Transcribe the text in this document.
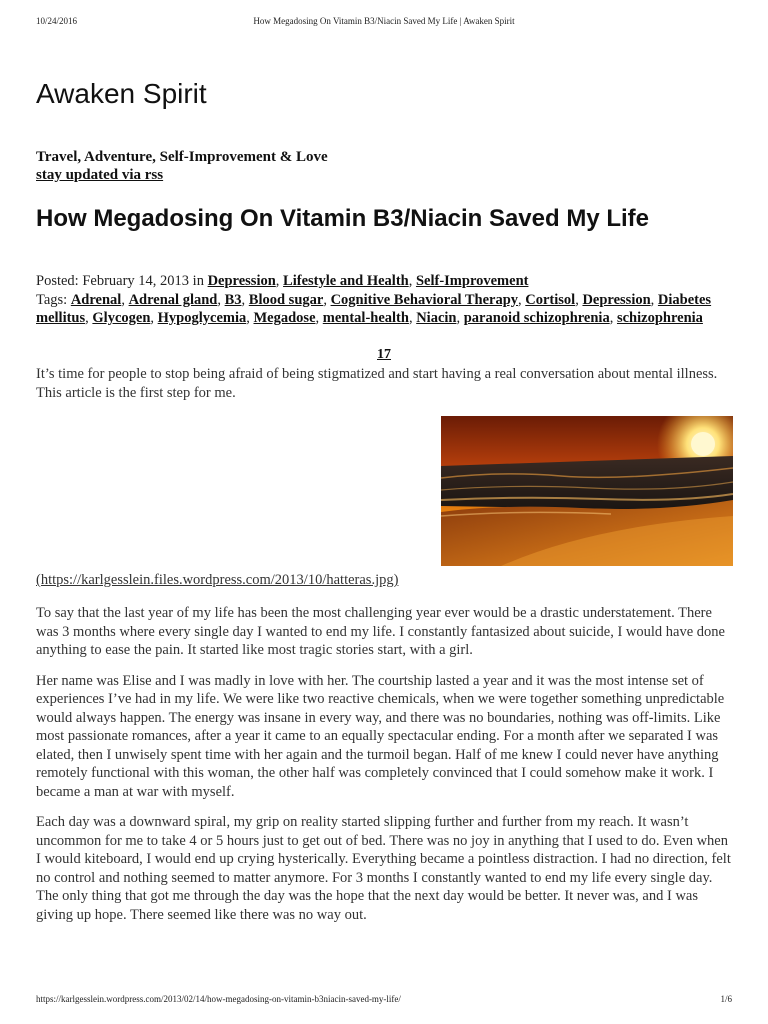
10/24/2016	How Megadosing On Vitamin B3/Niacin Saved My Life | Awaken Spirit
Awaken Spirit
Travel, Adventure, Self-Improvement & Love
stay updated via rss
How Megadosing On Vitamin B3/Niacin Saved My Life
Posted: February 14, 2013 in Depression, Lifestyle and Health, Self-Improvement
Tags: Adrenal, Adrenal gland, B3, Blood sugar, Cognitive Behavioral Therapy, Cortisol, Depression, Diabetes mellitus, Glycogen, Hypoglycemia, Megadose, mental-health, Niacin, paranoid schizophrenia, schizophrenia
17

It’s time for people to stop being afraid of being stigmatized and start having a real conversation about mental illness. This article is the first step for me.

(https://karlgesslein.files.wordpress.com/2013/10/hatteras.jpg)

To say that the last year of my life has been the most challenging year ever would be a drastic understatement. There was 3 months where every single day I wanted to end my life. I constantly fantasized about suicide, I would have done anything to ease the pain. It started like most tragic stories start, with a girl.

Her name was Elise and I was madly in love with her. The courtship lasted a year and it was the most intense set of experiences I’ve had in my life. We were like two reactive chemicals, when we were together something unpredictable would always happen. The energy was insane in every way, and there was no boundaries, nothing was off-limits. Like most passionate romances, after a year it came to an equally spectacular ending. For a month after we separated I was elated, then I unwisely spent time with her again and the turmoil began. Half of me knew I could never have anything remotely functional with this woman, the other half was completely convinced that I could somehow make it work. I became a man at war with myself.

Each day was a downward spiral, my grip on reality started slipping further and further from my reach. It wasn’t uncommon for me to take 4 or 5 hours just to get out of bed. There was no joy in anything that I used to do. Even when I would kiteboard, I would end up crying hysterically. Everything became a pointless distraction. I had no direction, felt no control and nothing seemed to matter anymore. For 3 months I constantly wanted to end my life every single day. The only thing that got me through the day was the hope that the next day would be better. It never was, and I was giving up hope. There seemed like there was no way out.

https://karlgesslein.wordpress.com/2013/02/14/how-megadosing-on-vitamin-b3niacin-saved-my-life/	1/6
